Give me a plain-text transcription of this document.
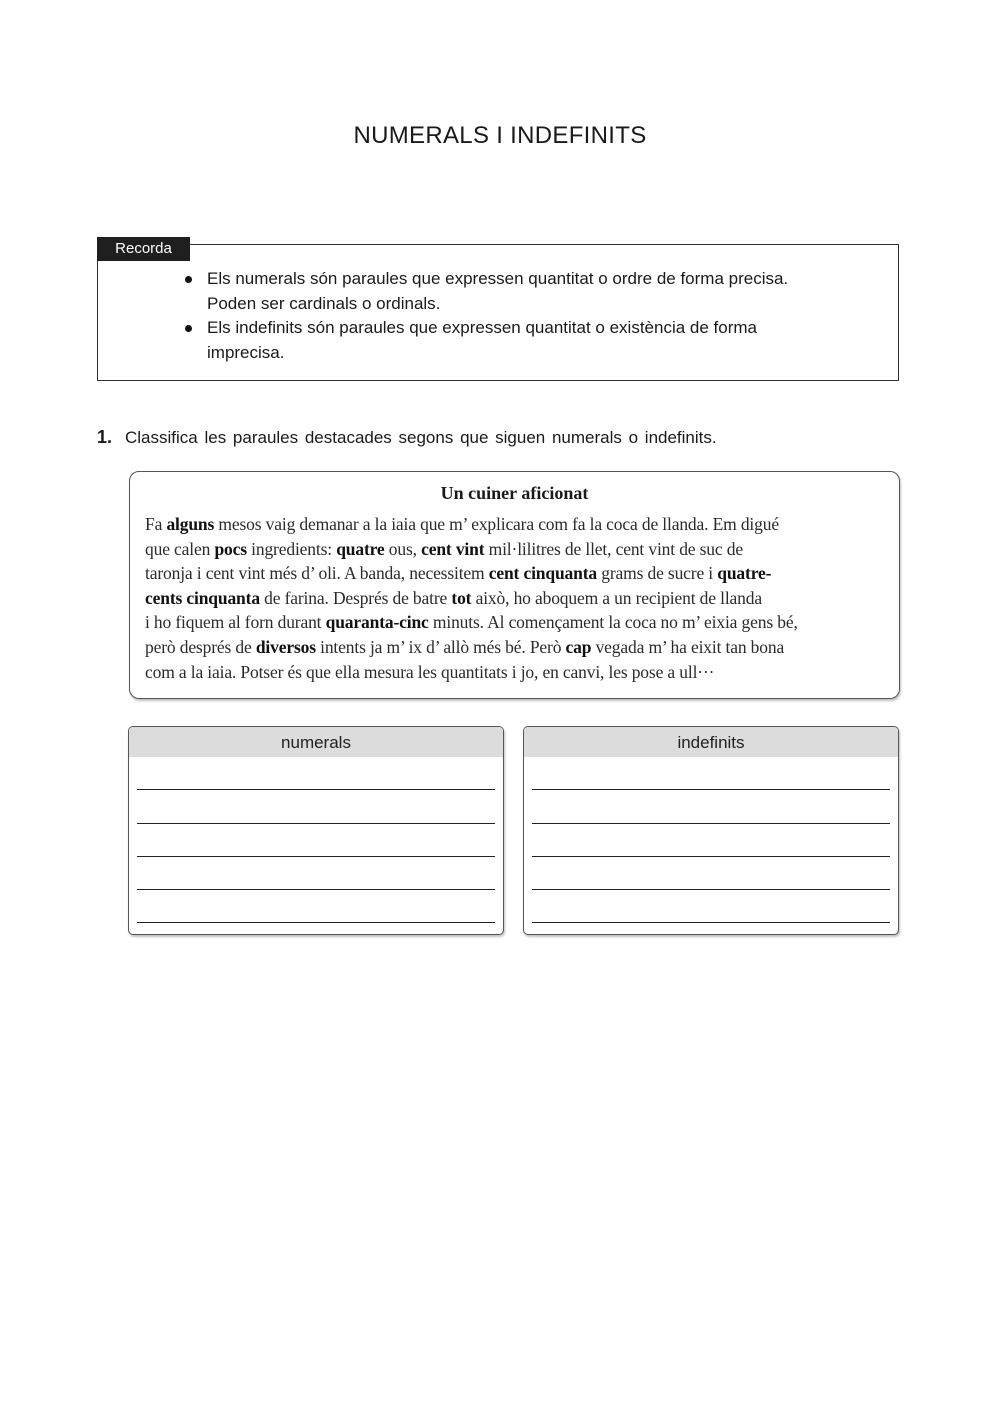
NUMERALS I INDEFINITS
Recorda
Els numerals són paraules que expressen quantitat o ordre de forma precisa.
Poden ser cardinals o ordinals.
Els indefinits són paraules que expressen quantitat o existència de forma
imprecisa.
1. Classifica les paraules destacades segons que siguen numerals o indefinits.
Un cuiner aficionat
Fa alguns mesos vaig demanar a la iaia que m’ explicara com fa la coca de llanda. Em digué
que calen pocs ingredients: quatre ous, cent vint mil·lilitres de llet, cent vint de suc de
taronja i cent vint més d’ oli. A banda, necessitem cent cinquanta grams de sucre i quatre-
cents cinquanta de farina. Després de batre tot això, ho aboquem a un recipient de llanda
i ho fiquem al forn durant quaranta-cinc minuts. Al començament la coca no m’ eixia gens bé,
però després de diversos intents ja m’ ix d’ allò més bé. Però cap vegada m’ ha eixit tan bona
com a la iaia. Potser és que ella mesura les quantitats i jo, en canvi, les pose a ull···
numerals	indefinits
